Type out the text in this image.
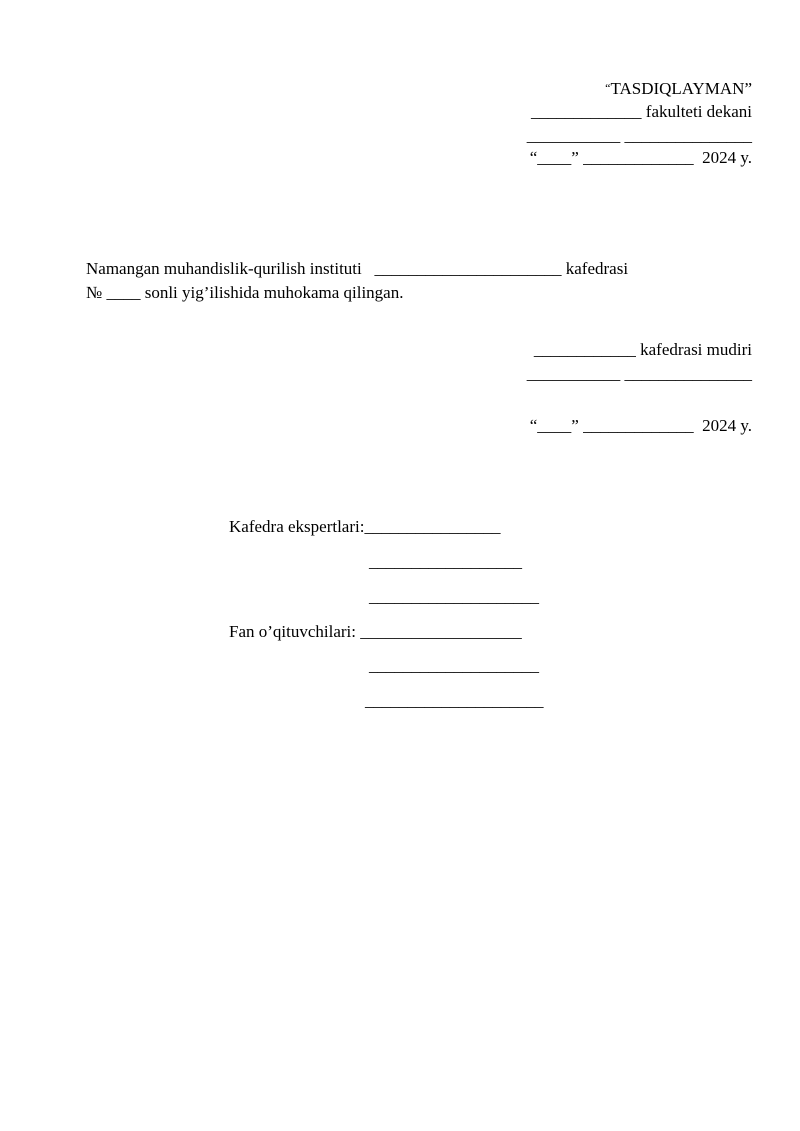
“TASDIQLAYMAN”
_____________ fakulteti dekani
___________ _______________
“____” _____________  2024 y.
Namangan muhandislik-qurilish instituti   ______________________ kafedrasi
№ ____ sonli yig’ilishida muhokama qilingan.
____________ kafedrasi mudiri
___________ _______________
“____” _____________  2024 y.
Kafedra ekspertlari:________________
__________________
____________________
Fan o’qituvchilari: ___________________
____________________
_____________________
